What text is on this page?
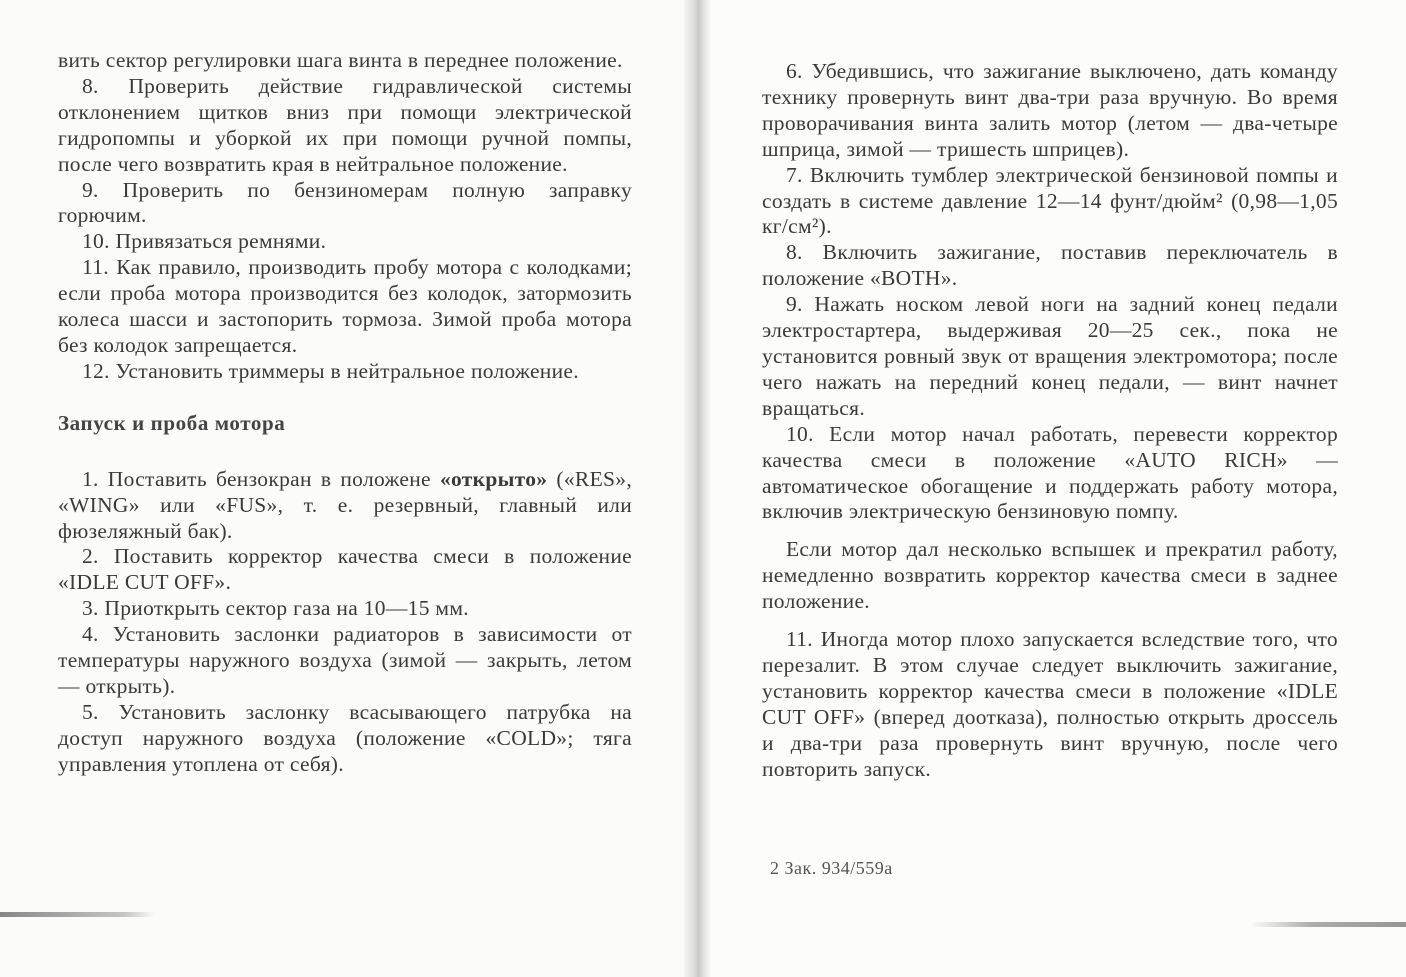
вить сектор регулировки шага винта в переднее положение.

8. Проверить действие гидравлической системы отклонением щитков вниз при помощи электрической гидропомпы и уборкой их при помощи ручной помпы, после чего возвратить края в нейтральное положение.

9. Проверить по бензиномерам полную заправку горючим.

10. Привязаться ремнями.

11. Как правило, производить пробу мотора с колодками; если проба мотора производится без колодок, затормозить колеса шасси и застопорить тормоза. Зимой проба мотора без колодок запрещается.

12. Установить триммеры в нейтральное положение.

Запуск и проба мотора

1. Поставить бензокран в положене «открыто» («RES», «WING» или «FUS», т. е. резервный, главный или фюзеляжный бак).

2. Поставить корректор качества смеси в положение «IDLE CUT OFF».

3. Приоткрыть сектор газа на 10—15 мм.

4. Установить заслонки радиаторов в зависимости от температуры наружного воздуха (зимой — закрыть, летом — открыть).

5. Установить заслонку всасывающего патрубка на доступ наружного воздуха (положение «COLD»; тяга управления утоплена от себя).

6. Убедившись, что зажигание выключено, дать команду технику провернуть винт два-три раза вручную. Во время проворачивания винта залить мотор (летом — два-четыре шприца, зимой — тришесть шприцев).

7. Включить тумблер электрической бензиновой помпы и создать в системе давление 12—14 фунт/дюйм² (0,98—1,05 кг/см²).

8. Включить зажигание, поставив переключатель в положение «BOTH».

9. Нажать носком левой ноги на задний конец педали электростартера, выдерживая 20—25 сек., пока не установится ровный звук от вращения электромотора; после чего нажать на передний конец педали, — винт начнет вращаться.

10. Если мотор начал работать, перевести корректор качества смеси в положение «AUTO RICH» — автоматическое обогащение и поддержать работу мотора, включив электрическую бензиновую помпу.

Если мотор дал несколько вспышек и прекратил работу, немедленно возвратить корректор качества смеси в заднее положение.

11. Иногда мотор плохо запускается вследствие того, что перезалит. В этом случае следует выключить зажигание, установить корректор качества смеси в положение «IDLE CUT OFF» (вперед доотказа), полностью открыть дроссель и два-три раза провернуть винт вручную, после чего повторить запуск.

2 Зак. 934/559а
